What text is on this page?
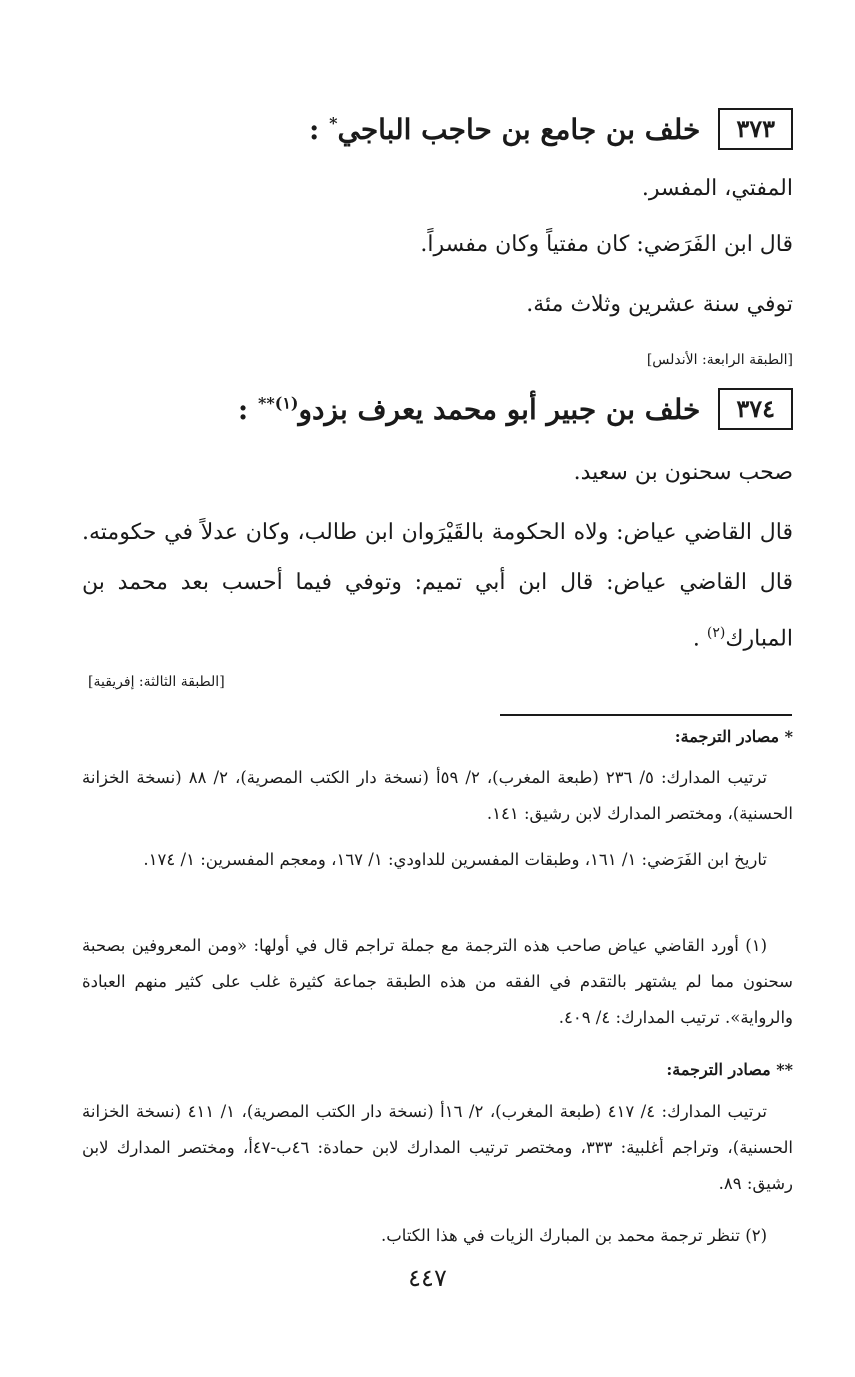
٣٧٣
خلف بن جامع بن حاجب الباجي* :
المفتي، المفسر.
قال ابن الفَرَضي: كان مفتياً وكان مفسراً.
توفي سنة عشرين وثلاث مئة.
[الطبقة الرابعة: الأندلس]
٣٧٤
خلف بن جبير أبو محمد يعرف بزدو$^{(١)**}$ :
صحب سحنون بن سعيد.
قال القاضي عياض: ولاه الحكومة بالقَيْرَوان ابن طالب، وكان عدلاً في حكومته. قال القاضي عياض: قال ابن أبي تميم: وتوفي فيما أحسب بعد محمد بن المبارك$^{(٢)}$ .
[الطبقة الثالثة: إفريقية]
* مصادر الترجمة:
ترتيب المدارك: ٥/ ٢٣٦ (طبعة المغرب)، ٢/ ٥٩أ (نسخة دار الكتب المصرية)، ٢/ ٨٨ (نسخة الخزانة الحسنية)، ومختصر المدارك لابن رشيق: ١٤١.
تاريخ ابن الفَرَضي: ١/ ١٦١، وطبقات المفسرين للداودي: ١/ ١٦٧، ومعجم المفسرين: ١/ ١٧٤.
(١) أورد القاضي عياض صاحب هذه الترجمة مع جملة تراجم قال في أولها: «ومن المعروفين بصحبة سحنون مما لم يشتهر بالتقدم في الفقه من هذه الطبقة جماعة كثيرة غلب على كثير منهم العبادة والرواية». ترتيب المدارك: ٤/ ٤٠٩.
** مصادر الترجمة:
ترتيب المدارك: ٤/ ٤١٧ (طبعة المغرب)، ٢/ ١٦أ (نسخة دار الكتب المصرية)، ١/ ٤١١ (نسخة الخزانة الحسنية)، وتراجم أغلبية: ٣٣٣، ومختصر ترتيب المدارك لابن حمادة: ٤٦ب-٤٧أ، ومختصر المدارك لابن رشيق: ٨٩.
(٢) تنظر ترجمة محمد بن المبارك الزيات في هذا الكتاب.
٤٤٧
